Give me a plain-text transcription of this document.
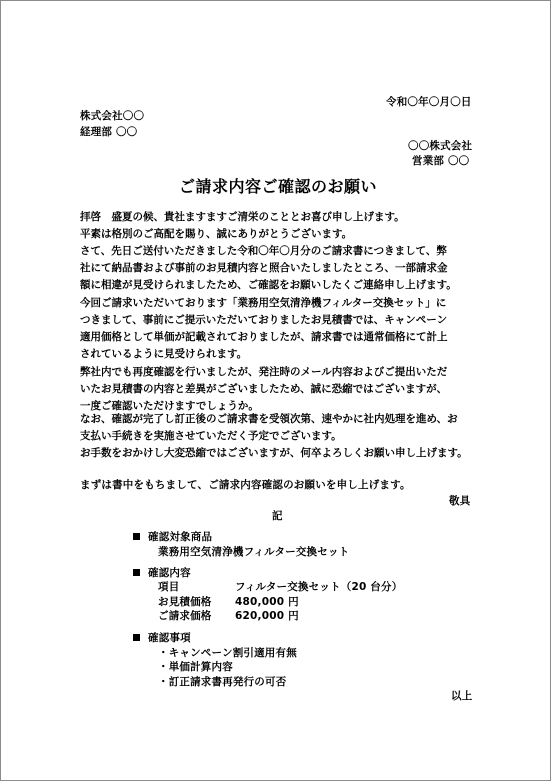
令和〇年〇月〇日
株式会社〇〇
経理部 〇〇
〇〇株式会社
営業部 〇〇
ご請求内容ご確認のお願い
拝啓　盛夏の候、貴社ますますご清栄のこととお喜び申し上げます。
平素は格別のご高配を賜り、誠にありがとうございます。
さて、先日ご送付いただきました令和〇年〇月分のご請求書につきまして、弊
社にて納品書および事前のお見積内容と照合いたしましたところ、一部請求金
額に相違が見受けられましたため、ご確認をお願いしたくご連絡申し上げます。
今回ご請求いただいております「業務用空気清浄機フィルター交換セット」に
つきまして、事前にご提示いただいておりましたお見積書では、キャンペーン
適用価格として単価が記載されておりましたが、請求書では通常価格にて計上
されているように見受けられます。
弊社内でも再度確認を行いましたが、発注時のメール内容およびご提出いただ
いたお見積書の内容と差異がございましたため、誠に恐縮ではございますが、
一度ご確認いただけますでしょうか。
なお、確認が完了し訂正後のご請求書を受領次第、速やかに社内処理を進め、お
支払い手続きを実施させていただく予定でございます。
お手数をおかけし大変恐縮ではございますが、何卒よろしくお願い申し上げます。
まずは書中をもちまして、ご請求内容確認のお願いを申し上げます。
敬具
記
確認対象商品
業務用空気清浄機フィルター交換セット
確認内容
項目	フィルター交換セット（20 台分）
お見積価格 480,000 円
ご請求価格 620,000 円
確認事項
・キャンペーン割引適用有無
・単価計算内容
・訂正請求書再発行の可否
以上
